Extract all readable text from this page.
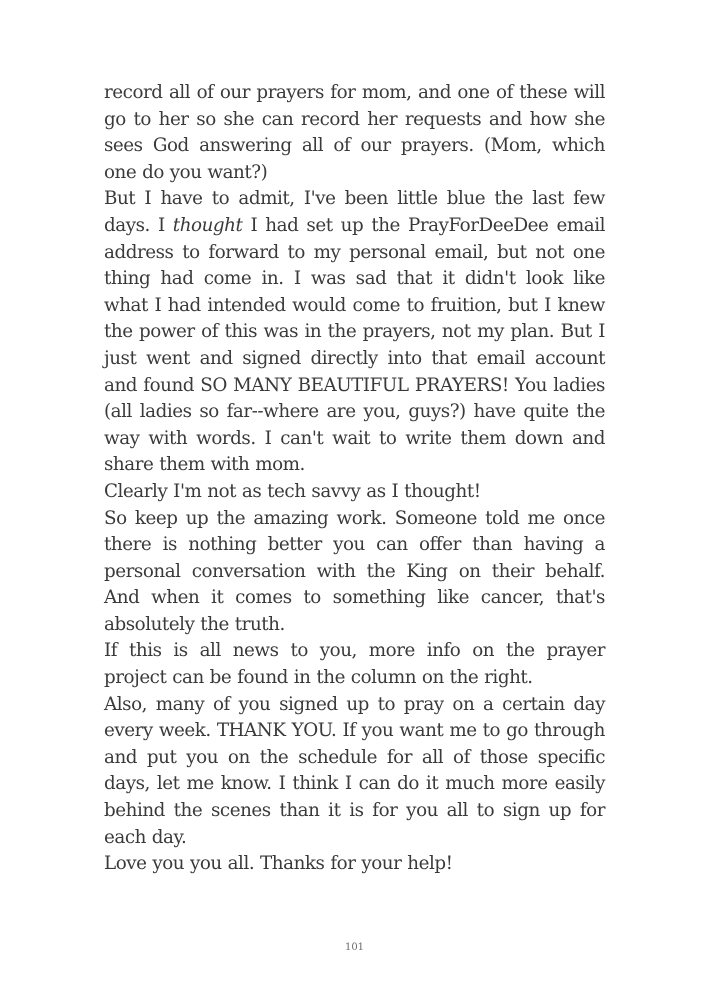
record all of our prayers for mom, and one of these will go to her so she can record her requests and how she sees God answering all of our prayers. (Mom, which one do you want?)

But I have to admit, I've been little blue the last few days. I thought I had set up the PrayForDeeDee email address to forward to my personal email, but not one thing had come in. I was sad that it didn't look like what I had intended would come to fruition, but I knew the power of this was in the prayers, not my plan. But I just went and signed directly into that email account and found SO MANY BEAUTIFUL PRAYERS! You ladies (all ladies so far--where are you, guys?) have quite the way with words. I can't wait to write them down and share them with mom.

Clearly I'm not as tech savvy as I thought!

So keep up the amazing work. Someone told me once there is nothing better you can offer than having a personal conversation with the King on their behalf. And when it comes to something like cancer, that's absolutely the truth.

If this is all news to you, more info on the prayer project can be found in the column on the right.

Also, many of you signed up to pray on a certain day every week. THANK YOU. If you want me to go through and put you on the schedule for all of those specific days, let me know. I think I can do it much more easily behind the scenes than it is for you all to sign up for each day.

Love you you all. Thanks for your help!

101
